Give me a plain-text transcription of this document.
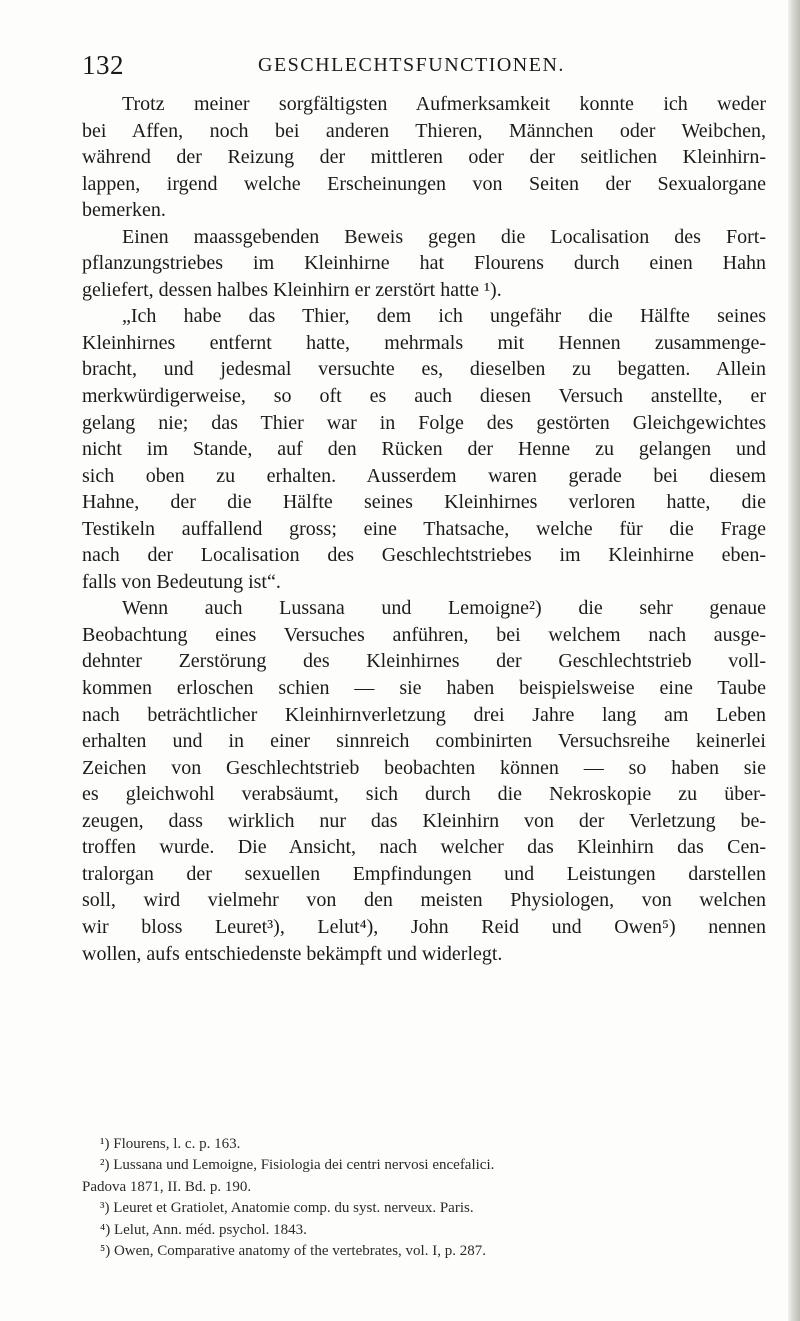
132	GESCHLECHTSFUNCTIONEN.
Trotz meiner sorgfältigsten Aufmerksamkeit konnte ich weder
bei Affen, noch bei anderen Thieren, Männchen oder Weibchen,
während der Reizung der mittleren oder der seitlichen Kleinhirn-
lappen, irgend welche Erscheinungen von Seiten der Sexualorgane
bemerken.
Einen maassgebenden Beweis gegen die Localisation des Fort-
pflanzungstriebes im Kleinhirne hat Flourens durch einen Hahn
geliefert, dessen halbes Kleinhirn er zerstört hatte ¹).
„Ich habe das Thier, dem ich ungefähr die Hälfte seines
Kleinhirnes entfernt hatte, mehrmals mit Hennen zusammenge-
bracht, und jedesmal versuchte es, dieselben zu begatten. Allein
merkwürdigerweise, so oft es auch diesen Versuch anstellte, er
gelang nie; das Thier war in Folge des gestörten Gleichgewichtes
nicht im Stande, auf den Rücken der Henne zu gelangen und
sich oben zu erhalten. Ausserdem waren gerade bei diesem
Hahne, der die Hälfte seines Kleinhirnes verloren hatte, die
Testikeln auffallend gross; eine Thatsache, welche für die Frage
nach der Localisation des Geschlechtstriebes im Kleinhirne eben-
falls von Bedeutung ist“.
Wenn auch Lussana und Lemoigne²) die sehr genaue
Beobachtung eines Versuches anführen, bei welchem nach ausge-
dehnter Zerstörung des Kleinhirnes der Geschlechtstrieb voll-
kommen erloschen schien — sie haben beispielsweise eine Taube
nach beträchtlicher Kleinhirnverletzung drei Jahre lang am Leben
erhalten und in einer sinnreich combinirten Versuchsreihe keinerlei
Zeichen von Geschlechtstrieb beobachten können — so haben sie
es gleichwohl verabsäumt, sich durch die Nekroskopie zu über-
zeugen, dass wirklich nur das Kleinhirn von der Verletzung be-
troffen wurde. Die Ansicht, nach welcher das Kleinhirn das Cen-
tralorgan der sexuellen Empfindungen und Leistungen darstellen
soll, wird vielmehr von den meisten Physiologen, von welchen
wir bloss Leuret³), Lelut⁴), John Reid und Owen⁵) nennen
wollen, aufs entschiedenste bekämpft und widerlegt.
¹) Flourens, l. c. p. 163.
²) Lussana und Lemoigne, Fisiologia dei centri nervosi encefalici.
Padova 1871, II. Bd. p. 190.
³) Leuret et Gratiolet, Anatomie comp. du syst. nerveux. Paris.
⁴) Lelut, Ann. méd. psychol. 1843.
⁵) Owen, Comparative anatomy of the vertebrates, vol. I, p. 287.
